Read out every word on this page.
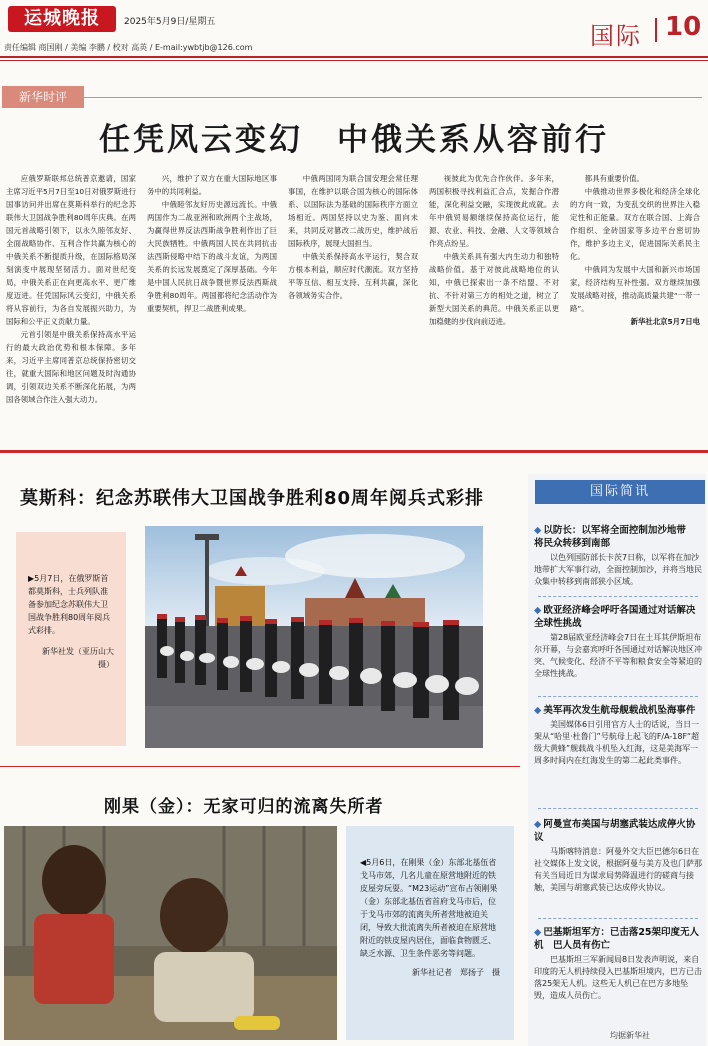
运城晚报	2025年5月9日/星期五	国际 10
责任编辑 商国刚 / 美编 李鹏 / 校对 高英 / E-mail:ywbtjb@126.com
新华时评
任凭风云变幻　中俄关系从容前行

应俄罗斯联邦总统普京邀请，国家主席习近平5月7日至10日对俄罗斯进行国事访问并出席在莫斯科举行的纪念苏联伟大卫国战争胜利80周年庆典。在两国元首战略引领下，以永久睦邻友好、全面战略协作、互利合作共赢为核心的中俄关系不断提质升级，在国际格局深刻演变中展现坚韧活力。面对世纪变局，中俄关系正在向更高水平、更广维度迈进。任凭国际风云变幻，中俄关系将从容前行，为各自发展振兴助力，为国际和公平正义贡献力量。

元首引领是中俄关系保持高水平运行的最大政治优势和根本保障。多年来，习近平主席同普京总统保持密切交往，就重大国际和地区问题及时沟通协调，引领双边关系不断深化拓展，为两国各领域合作注入强大动力。

兴，维护了双方在重大国际地区事务中的共同利益。

中俄睦邻友好历史源远流长。中俄两国作为二战亚洲和欧洲两个主战场，为赢得世界反法西斯战争胜利作出了巨大民族牺牲。中俄两国人民在共同抗击法西斯侵略中结下的战斗友谊，为两国关系的长远发展奠定了深厚基础。今年是中国人民抗日战争暨世界反法西斯战争胜利80周年。两国都将纪念活动作为重要契机，捍卫二战胜利成果。

中俄两国同为联合国安理会常任理事国，在维护以联合国为核心的国际体系、以国际法为基础的国际秩序方面立场相近。两国坚持以史为鉴、面向未来，共同反对篡改二战历史，维护战后国际秩序，展现大国担当。

中俄关系保持高水平运行，契合双方根本利益，顺应时代潮流。双方坚持平等互信、相互支持、互利共赢，深化各领域务实合作。

视彼此为优先合作伙伴。多年来，两国积极寻找利益汇合点，发掘合作潜能，深化利益交融，实现彼此成就。去年中俄贸易额继续保持高位运行，能源、农业、科技、金融、人文等领域合作亮点纷呈。

中俄关系具有强大内生动力和独特战略价值。基于对彼此战略地位的认知，中俄已探索出一条不结盟、不对抗、不针对第三方的相处之道，树立了新型大国关系的典范。中俄关系正以更加稳健的步伐向前迈进。

都具有重要价值。

中俄推动世界多极化和经济全球化的方向一致，为变乱交织的世界注入稳定性和正能量。双方在联合国、上海合作组织、金砖国家等多边平台密切协作，维护多边主义，促进国际关系民主化。

中俄同为发展中大国和新兴市场国家，经济结构互补性强。双方继续加强发展战略对接，推动高质量共建“一带一路”。

新华社北京5月7日电

莫斯科：纪念苏联伟大卫国战争胜利80周年阅兵式彩排

▶5月7日，在俄罗斯首都莫斯科，士兵列队准备参加纪念苏联伟大卫国战争胜利80周年阅兵式彩排。

新华社发（亚历山大　摄）

刚果（金）：无家可归的流离失所者

◀5月6日，在刚果（金）东部北基伍省戈马市郊，几名儿童在原营地附近的铁皮屋旁玩耍。“M23运动”宣布占领刚果（金）东部北基伍省首府戈马市后，位于戈马市郊的流离失所者营地被迫关闭，导致大批流离失所者被迫在原营地附近的铁皮屋内居住，面临食物匮乏、缺乏水源、卫生条件恶劣等问题。

新华社记者　郑扬子　摄

国际简讯
◆ 以防长：以军将全面控制加沙地带　将民众转移到南部
以色列国防部长卡茨7日称，以军将在加沙地带扩大军事行动，全面控制加沙，并将当地民众集中转移到南部狭小区域。
◆ 欧亚经济峰会呼吁各国通过对话解决全球性挑战
第28届欧亚经济峰会7日在土耳其伊斯坦布尔开幕，与会嘉宾呼吁各国通过对话解决地区冲突、气候变化、经济不平等和粮食安全等紧迫的全球性挑战。
◆ 美军再次发生航母舰载战机坠海事件
美国媒体6日引用官方人士的话说，当日一架从“哈里·杜鲁门”号航母上起飞的F/A-18F“超级大黄蜂”舰载战斗机坠入红海，这是美海军一周多时间内在红海发生的第二起此类事件。
◆ 阿曼宣布美国与胡塞武装达成停火协议
马斯喀特消息：阿曼外交大臣巴德尔6日在社交媒体上发文说，根据阿曼与美方及也门萨那有关当局近日为谋求局势降温进行的磋商与接触，美国与胡塞武装已达成停火协议。
◆ 巴基斯坦军方：已击落25架印度无人机　巴人员有伤亡
巴基斯坦三军新闻局8日发表声明说，来自印度的无人机持续侵入巴基斯坦境内，巴方已击落25架无人机。这些无人机已在巴方多地坠毁，造成人员伤亡。
均据新华社
